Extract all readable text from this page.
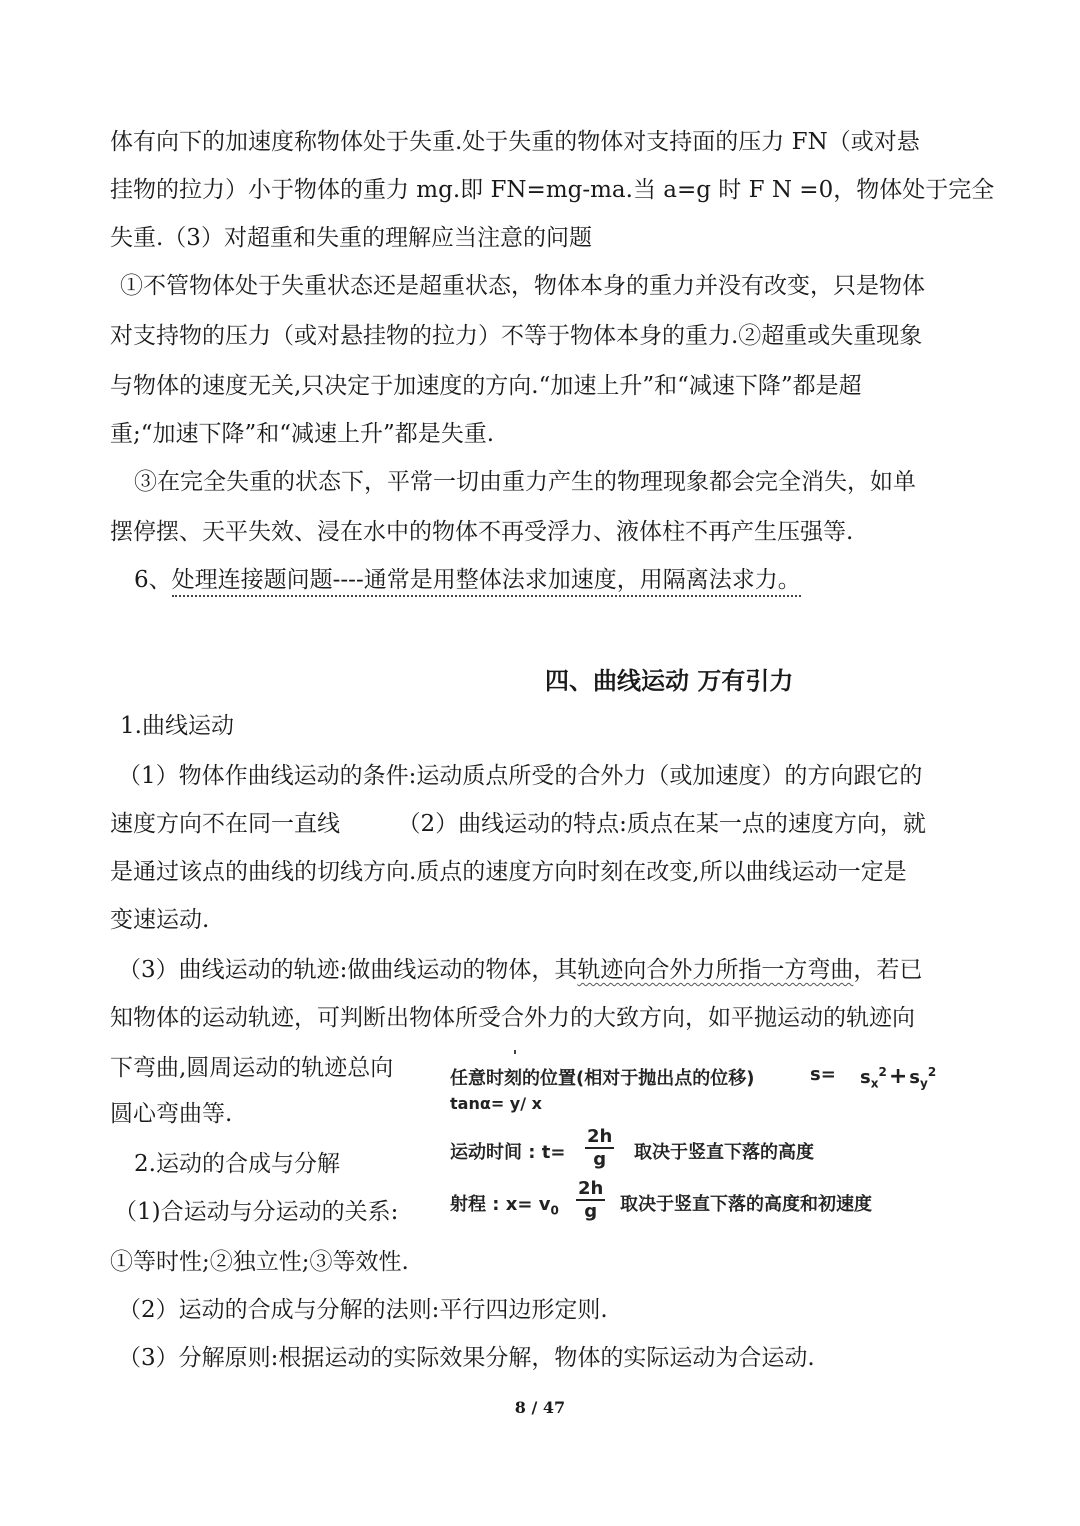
体有向下的加速度称物体处于失重.处于失重的物体对支持面的压力 FN（或对悬
挂物的拉力）小于物体的重力 mg.即 FN=mg-ma.当 a=g 时 F N =0，物体处于完全
失重.（3）对超重和失重的理解应当注意的问题
①不管物体处于失重状态还是超重状态，物体本身的重力并没有改变，只是物体
对支持物的压力（或对悬挂物的拉力）不等于物体本身的重力.②超重或失重现象
与物体的速度无关,只决定于加速度的方向.“加速上升”和“减速下降”都是超
重;“加速下降”和“减速上升”都是失重.
③在完全失重的状态下，平常一切由重力产生的物理现象都会完全消失，如单
摆停摆、天平失效、浸在水中的物体不再受浮力、液体柱不再产生压强等.
6、处理连接题问题----通常是用整体法求加速度，用隔离法求力。
四、曲线运动 万有引力
1.曲线运动
（1）物体作曲线运动的条件:运动质点所受的合外力（或加速度）的方向跟它的
速度方向不在同一直线　　　（2）曲线运动的特点:质点在某一点的速度方向，就
是通过该点的曲线的切线方向.质点的速度方向时刻在改变,所以曲线运动一定是
变速运动.
（3）曲线运动的轨迹:做曲线运动的物体，其轨迹向合外力所指一方弯曲，若已
知物体的运动轨迹，可判断出物体所受合外力的大致方向，如平抛运动的轨迹向
下弯曲,圆周运动的轨迹总向
圆心弯曲等.
2.运动的合成与分解
（1)合运动与分运动的关系:
①等时性;②独立性;③等效性.
（2）运动的合成与分解的法则:平行四边形定则.
（3）分解原则:根据运动的实际效果分解，物体的实际运动为合运动.
任意时刻的位置(相对于抛出点的位移)	$s= s_x^2+ s_y^2$
tanα= y/ x
运动时间 : $t= \frac{2h}{g}$ 取决于竖直下落的高度
射程 : $x= v_0 \frac{2h}{g}$ 取决于竖直下落的高度和初速度
8 / 47
